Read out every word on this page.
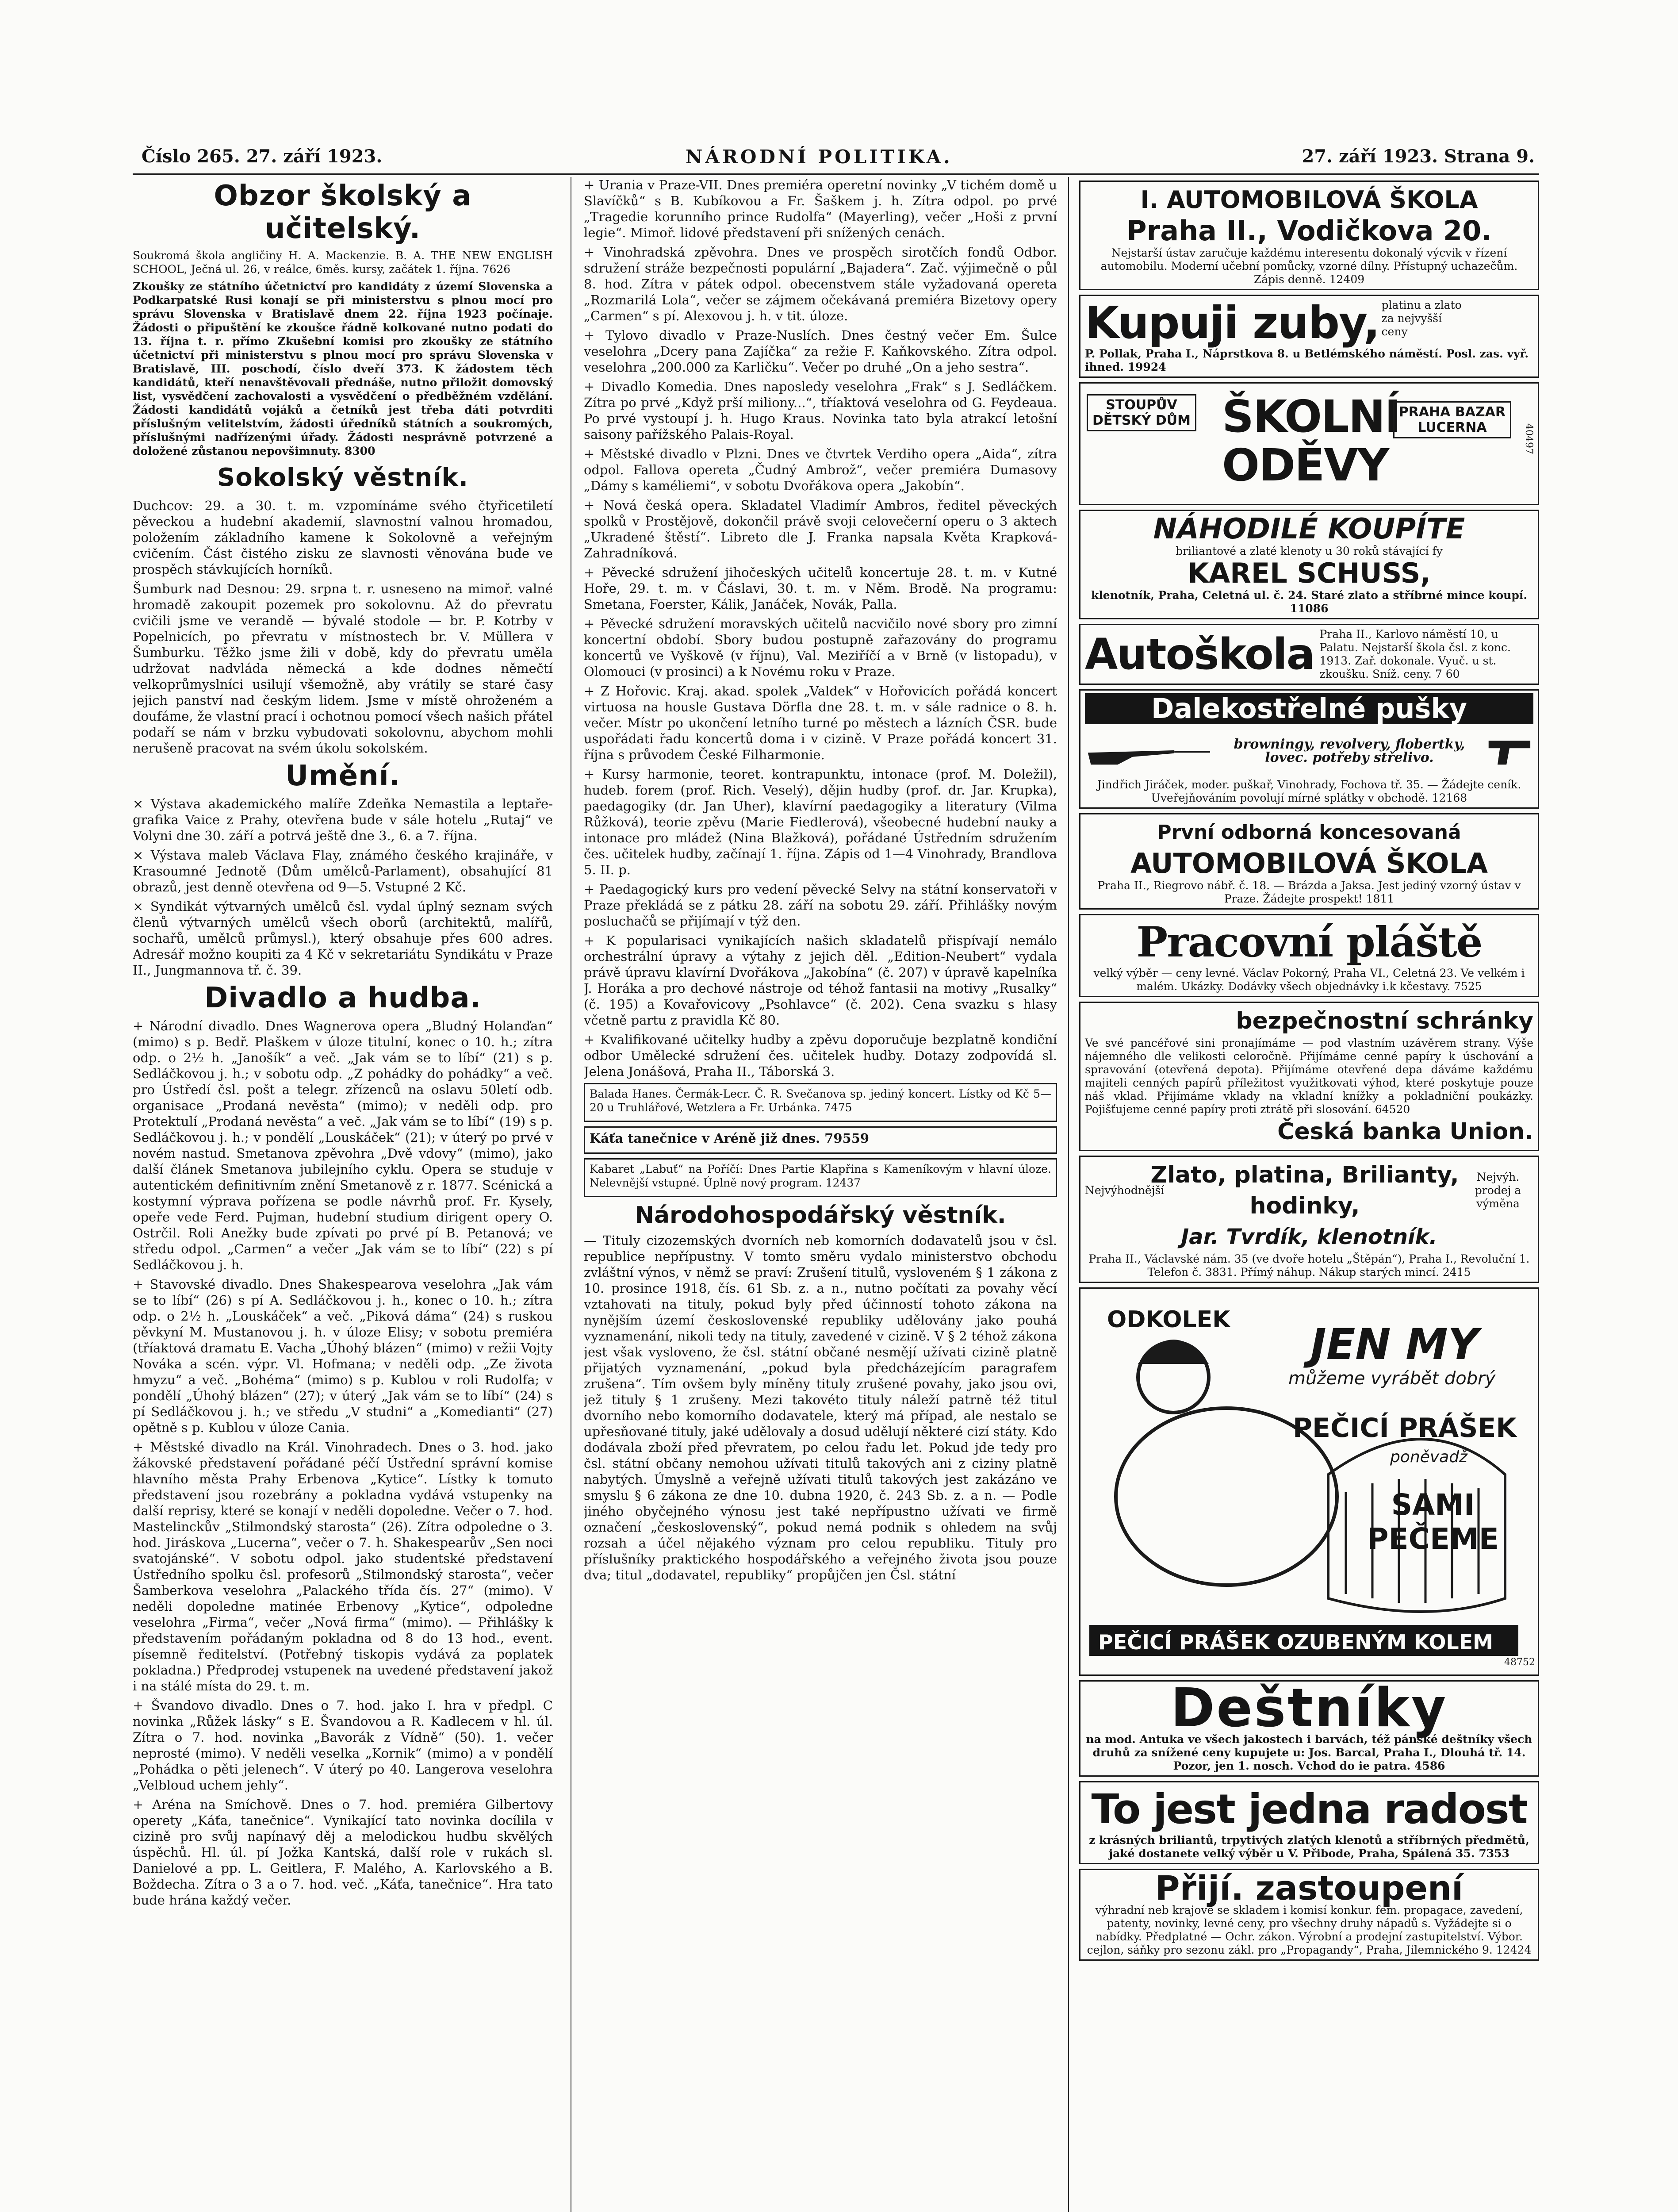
Číslo 265. 27. září 1923.	NÁRODNÍ POLITIKA.	27. září 1923. Strana 9.
Obzor školský a učitelský.

Soukromá škola angličiny H. A. Mackenzie. B. A. THE NEW ENGLISH SCHOOL, Ječná ul. 26, v reálce, 6měs. kursy, začátek 1. října. 7626

Zkoušky ze státního účetnictví pro kandidáty z území Slovenska a Podkarpatské Rusi konají se při ministerstvu s plnou mocí pro správu Slovenska v Bratislavě dnem 22. října 1923 počínaje. Žádosti o připuštění ke zkoušce řádně kolkované nutno podati do 13. října t. r. přímo Zkušební komisi pro zkoušky ze státního účetnictví při ministerstvu s plnou mocí pro správu Slovenska v Bratislavě, III. poschodí, číslo dveří 373. K žádostem těch kandidátů, kteří nenavštěvovali přednáše, nutno přiložit domovský list, vysvědčení zachovalosti a vysvědčení o předběžném vzdělání. Žádosti kandidátů vojáků a četníků jest třeba dáti potvrditi příslušným velitelstvím, žádosti úředníků státních a soukromých, příslušnými nadřízenými úřady. Žádosti nesprávně potvrzené a doložené zůstanou nepovšimnuty. 8300

Sokolský věstník.

Duchcov: 29. a 30. t. m. vzpomínáme svého čtyřicetiletí pěveckou a hudební akademií, slavnostní valnou hromadou, položením základního kamene k Sokolovně a veřejným cvičením. Část čistého zisku ze slavnosti věnována bude ve prospěch stávkujících horníků.

Šumburk nad Desnou: 29. srpna t. r. usneseno na mimoř. valné hromadě zakoupit pozemek pro sokolovnu. Až do převratu cvičili jsme ve verandě — bývalé stodole — br. P. Kotrby v Popelnicích, po převratu v místnostech br. V. Müllera v Šumburku. Těžko jsme žili v době, kdy do převratu uměla udržovat nadvláda německá a kde dodnes němečtí velkoprůmyslníci usilují všemožně, aby vrátily se staré časy jejich panství nad českým lidem. Jsme v místě ohroženém a doufáme, že vlastní prací i ochotnou pomocí všech našich přátel podaří se nám v brzku vybudovati sokolovnu, abychom mohli nerušeně pracovat na svém úkolu sokolském.

Umění.

× Výstava akademického malíře Zdeňka Nemastila a leptaře-grafika Vaice z Prahy, otevřena bude v sále hotelu „Rutaj“ ve Volyni dne 30. září a potrvá ještě dne 3., 6. a 7. října.

× Výstava maleb Václava Flay, známého českého krajináře, v Krasoumné Jednotě (Dům umělců-Parlament), obsahující 81 obrazů, jest denně otevřena od 9—5. Vstupné 2 Kč.

× Syndikát výtvarných umělců čsl. vydal úplný seznam svých členů výtvarných umělců všech oborů (architektů, malířů, sochařů, umělců průmysl.), který obsahuje přes 600 adres. Adresář možno koupiti za 4 Kč v sekretariátu Syndikátu v Praze II., Jungmannova tř. č. 39.

Divadlo a hudba.

+ Národní divadlo. Dnes Wagnerova opera „Bludný Holanďan“ (mimo) s p. Bedř. Plaškem v úloze titulní, konec o 10. h.; zítra odp. o 2½ h. „Janošík“ a več. „Jak vám se to líbí“ (21) s p. Sedláčkovou j. h.; v sobotu odp. „Z pohádky do pohádky“ a več. pro Ústředí čsl. pošt a telegr. zřízenců na oslavu 50letí odb. organisace „Prodaná nevěsta“ (mimo); v neděli odp. pro Protektulí „Prodaná nevěsta“ a več. „Jak vám se to líbí“ (19) s p. Sedláčkovou j. h.; v pondělí „Louskáček“ (21); v úterý po prvé v novém nastud. Smetanova zpěvohra „Dvě vdovy“ (mimo), jako další článek Smetanova jubilejního cyklu. Opera se studuje v autentickém definitivním znění Smetanově z r. 1877. Scénická a kostymní výprava pořízena se podle návrhů prof. Fr. Kysely, opeře vede Ferd. Pujman, hudební studium dirigent opery O. Ostrčil. Roli Anežky bude zpívati po prvé pí B. Petanová; ve středu odpol. „Carmen“ a večer „Jak vám se to líbí“ (22) s pí Sedláčkovou j. h.

+ Stavovské divadlo. Dnes Shakespearova veselohra „Jak vám se to líbí“ (26) s pí A. Sedláčkovou j. h., konec o 10. h.; zítra odp. o 2½ h. „Louskáček“ a več. „Piková dáma“ (24) s ruskou pěvkyní M. Mustanovou j. h. v úloze Elisy; v sobotu premiéra (tříaktová dramatu E. Vacha „Úhohý blázen“ (mimo) v režii Vojty Nováka a scén. výpr. Vl. Hofmana; v neděli odp. „Ze života hmyzu“ a več. „Bohéma“ (mimo) s p. Kublou v roli Rudolfa; v pondělí „Úhohý blázen“ (27); v úterý „Jak vám se to líbí“ (24) s pí Sedláčkovou j. h.; ve středu „V studni“ a „Komedianti“ (27) opětně s p. Kublou v úloze Cania.

+ Městské divadlo na Král. Vinohradech. Dnes o 3. hod. jako žákovské představení pořádané péčí Ústřední správní komise hlavního města Prahy Erbenova „Kytice“. Lístky k tomuto představení jsou rozebrány a pokladna vydává vstupenky na další reprisy, které se konají v neděli dopoledne. Večer o 7. hod. Mastelinckův „Stilmondský starosta“ (26). Zítra odpoledne o 3. hod. Jiráskova „Lucerna“, večer o 7. h. Shakespearův „Sen noci svatojánské“. V sobotu odpol. jako studentské představení Ústředního spolku čsl. profesorů „Stilmondský starosta“, večer Šamberkova veselohra „Palackého třída čís. 27“ (mimo). V neděli dopoledne matinée Erbenovy „Kytice“, odpoledne veselohra „Firma“, večer „Nová firma“ (mimo). — Přihlášky k představením pořádaným pokladna od 8 do 13 hod., event. písemně ředitelství. (Potřebný tiskopis vydává za poplatek pokladna.) Předprodej vstupenek na uvedené představení jakož i na stálé místa do 29. t. m.

+ Švandovo divadlo. Dnes o 7. hod. jako I. hra v předpl. C novinka „Růžek lásky“ s E. Švandovou a R. Kadlecem v hl. úl. Zítra o 7. hod. novinka „Bavorák z Vídně“ (50). 1. večer neprosté (mimo). V neděli veselka „Kornik“ (mimo) a v pondělí „Pohádka o pěti jelenech“. V úterý po 40. Langerova veselohra „Velbloud uchem jehly“.

+ Aréna na Smíchově. Dnes o 7. hod. premiéra Gilbertovy operety „Káťa, tanečnice“. Vynikající tato novinka docílila v cizině pro svůj napínavý děj a melodickou hudbu skvělých úspěchů. Hl. úl. pí Jožka Kantská, další role v rukách sl. Danielové a pp. L. Geitlera, F. Malého, A. Karlovského a B. Boždecha. Zítra o 3 a o 7. hod. več. „Káťa, tanečnice“. Hra tato bude hrána každý večer.

+ Urania v Praze-VII. Dnes premiéra operetní novinky „V tichém domě u Slavíčků“ s B. Kubíkovou a Fr. Šaškem j. h. Zítra odpol. po prvé „Tragedie korunního prince Rudolfa“ (Mayerling), večer „Hoši z první legie“. Mimoř. lidové představení při snížených cenách.

+ Vinohradská zpěvohra. Dnes ve prospěch sirotčích fondů Odbor. sdružení stráže bezpečnosti populární „Bajadera“. Zač. výjimečně o půl 8. hod. Zítra v pátek odpol. obecenstvem stále vyžadovaná opereta „Rozmarilá Lola“, večer se zájmem očekávaná premiéra Bizetovy opery „Carmen“ s pí. Alexovou j. h. v tit. úloze.

+ Tylovo divadlo v Praze-Nuslích. Dnes čestný večer Em. Šulce veselohra „Dcery pana Zajíčka“ za režie F. Kaňkovského. Zítra odpol. veselohra „200.000 za Karličku“. Večer po druhé „On a jeho sestra“.

+ Divadlo Komedia. Dnes naposledy veselohra „Frak“ s J. Sedláčkem. Zítra po prvé „Když prší miliony...“, tříaktová veselohra od G. Feydeaua. Po prvé vystoupí j. h. Hugo Kraus. Novinka tato byla atrakcí letošní saisony pařížského Palais-Royal.

+ Městské divadlo v Plzni. Dnes ve čtvrtek Verdiho opera „Aida“, zítra odpol. Fallova opereta „Čudný Ambrož“, večer premiéra Dumasovy „Dámy s kaméliemi“, v sobotu Dvořákova opera „Jakobín“.

+ Nová česká opera. Skladatel Vladimír Ambros, ředitel pěveckých spolků v Prostějově, dokončil právě svoji celovečerní operu o 3 aktech „Ukradené štěstí“. Libreto dle J. Franka napsala Květa Krapková-Zahradníková.

+ Pěvecké sdružení jihočeských učitelů koncertuje 28. t. m. v Kutné Hoře, 29. t. m. v Čáslavi, 30. t. m. v Něm. Brodě. Na programu: Smetana, Foerster, Kálik, Janáček, Novák, Palla.

+ Pěvecké sdružení moravských učitelů nacvičilo nové sbory pro zimní koncertní období. Sbory budou postupně zařazovány do programu koncertů ve Vyškově (v říjnu), Val. Meziříčí a v Brně (v listopadu), v Olomouci (v prosinci) a k Novému roku v Praze.

+ Z Hořovic. Kraj. akad. spolek „Valdek“ v Hořovicích pořádá koncert virtuosa na housle Gustava Dörfla dne 28. t. m. v sále radnice o 8. h. večer. Místr po ukončení letního turné po městech a lázních ČSR. bude uspořádati řadu koncertů doma i v cizině. V Praze pořádá koncert 31. října s průvodem České Filharmonie.

+ Kursy harmonie, teoret. kontrapunktu, intonace (prof. M. Doležil), hudeb. forem (prof. Rich. Veselý), dějin hudby (prof. dr. Jar. Krupka), paedagogiky (dr. Jan Uher), klavírní paedagogiky a literatury (Vilma Růžková), teorie zpěvu (Marie Fiedlerová), všeobecné hudební nauky a intonace pro mládež (Nina Blažková), pořádané Ústředním sdružením čes. učitelek hudby, začínají 1. října. Zápis od 1—4 Vinohrady, Brandlova 5. II. p.

+ Paedagogický kurs pro vedení pěvecké Selvy na státní konservatoři v Praze překládá se z pátku 28. září na sobotu 29. září. Přihlášky novým posluchačů se přijímají v týž den.

+ K popularisaci vynikajících našich skladatelů přispívají nemálo orchestrální úpravy a výtahy z jejich děl. „Edition-Neubert“ vydala právě úpravu klavírní Dvořákova „Jakobína“ (č. 207) v úpravě kapelníka J. Horáka a pro dechové nástroje od téhož fantasii na motivy „Rusalky“ (č. 195) a Kovařovicovy „Psohlavce“ (č. 202). Cena svazku s hlasy včetně partu z pravidla Kč 80.

+ Kvalifikované učitelky hudby a zpěvu doporučuje bezplatně kondiční odbor Umělecké sdružení čes. učitelek hudby. Dotazy zodpovídá sl. Jelena Jonášová, Praha II., Táborská 3.

Balada Hanes. Čermák-Lecr. Č. R. Svečanova sp. jediný koncert. Lístky od Kč 5—20 u Truhlářové, Wetzlera a Fr. Urbánka. 7475

Káťa tanečnice v Aréně již dnes. 79559

Kabaret „Labuť“ na Poříčí: Dnes Partie Klapřina s Kameníkovým v hlavní úloze. Nelevnější vstupné. Úplně nový program. 12437

Národohospodářský věstník.

— Tituly cizozemských dvorních neb komorních dodavatelů jsou v čsl. republice nepřípustny. V tomto směru vydalo ministerstvo obchodu zvláštní výnos, v němž se praví: Zrušení titulů, vysloveném § 1 zákona z 10. prosince 1918, čís. 61 Sb. z. a n., nutno počítati za povahy věcí vztahovati na tituly, pokud byly před účinností tohoto zákona na nynějším území československé republiky udělovány jako pouhá vyznamenání, nikoli tedy na tituly, zavedené v cizině. V § 2 téhož zákona jest však vysloveno, že čsl. státní občané nesmějí užívati cizině platně přijatých vyznamenání, „pokud byla předcházejícím paragrafem zrušena“. Tím ovšem byly míněny tituly zrušené povahy, jako jsou ovi, jež tituly § 1 zrušeny. Mezi takovéto tituly náleží patrně též titul dvorního nebo komorního dodavatele, který má případ, ale nestalo se upřesňované tituly, jaké udělovaly a dosud udělují některé cizí státy. Kdo dodávala zboží před převratem, po celou řadu let. Pokud jde tedy pro čsl. státní občany nemohou užívati titulů takových ani z ciziny platně nabytých. Úmyslně a veřejně užívati titulů takových jest zakázáno ve smyslu § 6 zákona ze dne 10. dubna 1920, č. 243 Sb. z. a n. — Podle jiného obyčejného výnosu jest také nepřípustno užívati ve firmě označení „československý“, pokud nemá podnik s ohledem na svůj rozsah a účel nějakého význam pro celou republiku. Tituly pro příslušníky praktického hospodářského a veřejného života jsou pouze dva; titul „dodavatel, republiky“ propůjčen jen Čsl. státní

I. AUTOMOBILOVÁ ŠKOLA
Praha II., Vodičkova 20.
Nejstarší ústav zaručuje každému interesentu dokonalý výcvik v řízení automobilu. Moderní učební pomůcky, vzorné dílny. Přístupný uchazečům. Zápis denně. 12409
Kupuji zuby, platinu a zlato za nejvyšší ceny
P. Pollak, Praha I., Náprstkova 8. u Betlémského náměstí. Posl. zas. vyř. ihned. 19924
STOUPŮV
DĚTSKÝ DŮM ŠKOLNÍ ODĚVY
PRAHA BAZAR
LUCERNA	40497
NÁHODILÉ KOUPÍTE
briliantové a zlaté klenoty u 30 roků stávající fy
KAREL SCHUSS,
klenotník, Praha, Celetná ul. č. 24. Staré zlato a stříbrné mince koupí. 11086
Autoškola Praha II., Karlovo náměstí 10, u Palatu. Nejstarší škola čsl. z konc. 1913. Zař. dokonale. Vyuč. u st. zkoušku. Sníž. ceny. 7 60
Dalekostřelné pušky
browningy, revolvery, flobertky, lovec. potřeby střelivo.
Jindřich Jiráček, moder. puškař, Vinohrady, Fochova tř. 35. — Žádejte ceník. Uveřejňováním povolují mírné splátky v obchodě. 12168
První odborná koncesovaná
AUTOMOBILOVÁ ŠKOLA
Praha II., Riegrovo nábř. č. 18. — Brázda a Jaksa. Jest jediný vzorný ústav v Praze. Žádejte prospekt! 1811
Pracovní pláště
velký výběr — ceny levné. Václav Pokorný, Praha VI., Celetná 23. Ve velkém i malém. Ukázky. Dodávky všech objednávky i.k kčestavy. 7525
bezpečnostní schránky
Ve své pancéřové sini pronajímáme — pod vlastním uzávěrem strany. Výše nájemného dle velikosti celoročně. Přijímáme cenné papíry k úschování a spravování (otevřená depota). Přijímáme otevřené depa dáváme každému majiteli cenných papírů příležitost využitkovati výhod, které poskytuje pouze náš vklad. Přijímáme vklady na vkladní knížky a pokladniční poukázky. Pojišťujeme cenné papíry proti ztrátě při slosování. 64520
Česká banka Union.
Nejvýhodnější
Zlato, platina, Brilianty, hodinky,
Nejvýh. prodej a výměna
Jar. Tvrdík, klenotník.
Praha II., Václavské nám. 35 (ve dvoře hotelu „Štěpán“), Praha I., Revoluční 1. Telefon č. 3831. Přímý náhup. Nákup starých mincí. 2415
ODKOLEK JEN MY
můžeme vyrábět dobrý
PEČICÍ PRÁŠEK
poněvadž
SAMI PEČEME
PEČICÍ PRÁŠEK OZUBENÝM KOLEM
48752
Deštníky
na mod. Antuka ve všech jakostech i barvách, též pánské deštníky všech druhů za snížené ceny kupujete u: Jos. Barcal, Praha I., Dlouhá tř. 14. Pozor, jen 1. nosch. Vchod do ie patra. 4586
To jest jedna radost
z krásných briliantů, trpytivých zlatých klenotů a stříbrných předmětů, jaké dostanete velký výběr u V. Přibode, Praha, Spálená 35. 7353
Přijí. zastoupení
výhradní neb krajové se skladem i komisí konkur. fem. propagace, zavedení, patenty, novinky, levné ceny, pro všechny druhy nápadů s. Vyžádejte si o nabídky. Předplatné — Ochr. zákon. Výrobní a prodejní zastupitelství. Výbor. cejlon, sáňky pro sezonu zákl. pro „Propagandy“, Praha, Jilemnického 9. 12424
